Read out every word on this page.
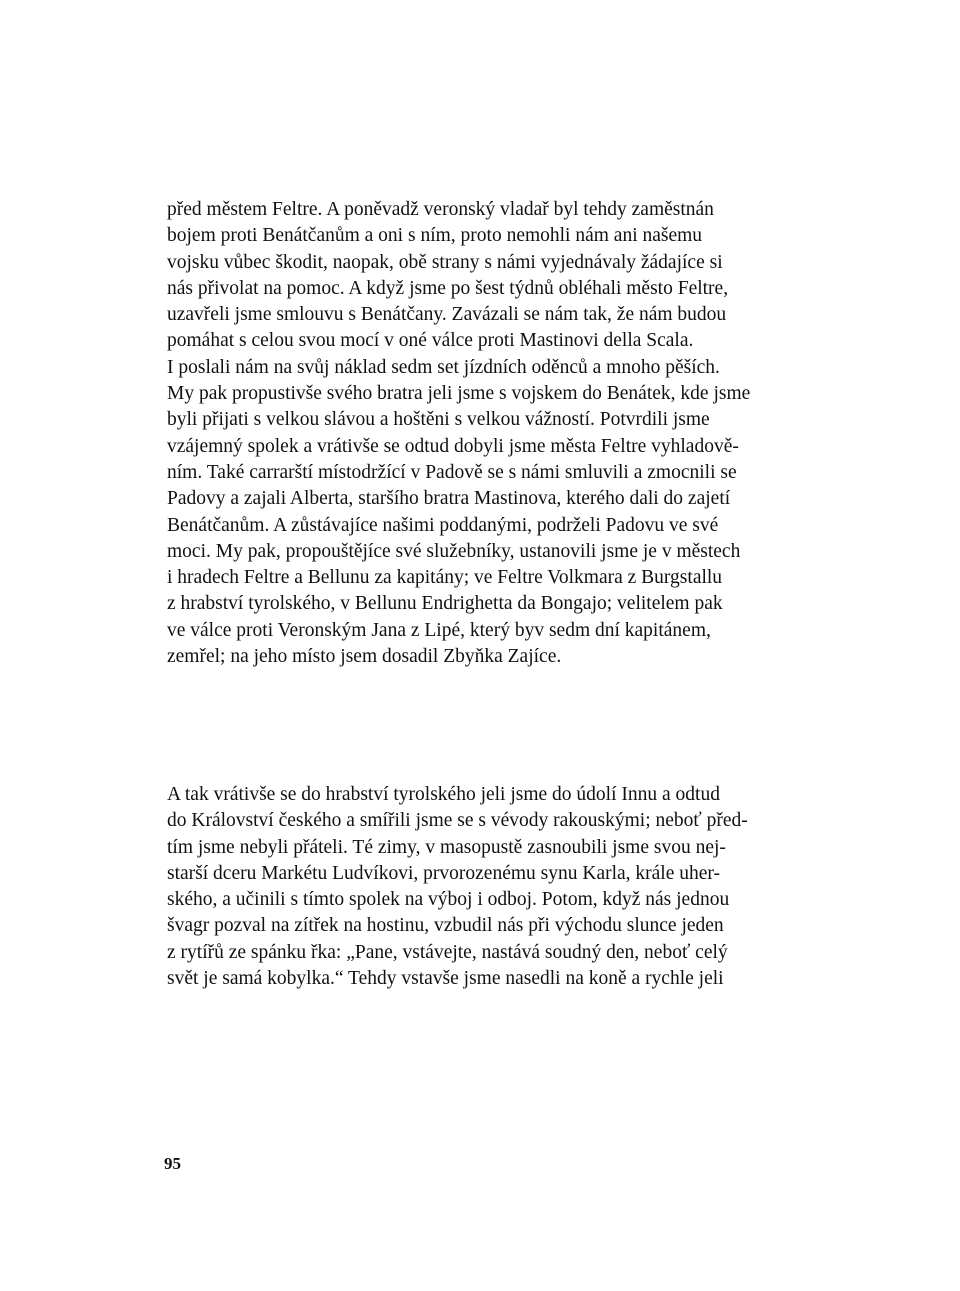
před městem Feltre. A poněvadž veronský vladař byl tehdy zaměstnán
bojem proti Benátčanům a oni s ním, proto nemohli nám ani našemu
vojsku vůbec škodit, naopak, obě strany s námi vyjednávaly žádajíce si
nás přivolat na pomoc. A když jsme po šest týdnů obléhali město Feltre,
uzavřeli jsme smlouvu s Benátčany. Zavázali se nám tak, že nám budou
pomáhat s celou svou mocí v oné válce proti Mastinovi della Scala.
I poslali nám na svůj náklad sedm set jízdních oděnců a mnoho pěších.
My pak propustivše svého bratra jeli jsme s vojskem do Benátek, kde jsme
byli přijati s velkou slávou a hoštěni s velkou vážností. Potvrdili jsme
vzájemný spolek a vrátivše se odtud dobyli jsme města Feltre vyhladově-
ním. Také carrarští místodržící v Padově se s námi smluvili a zmocnili se
Padovy a zajali Alberta, staršího bratra Mastinova, kterého dali do zajetí
Benátčanům. A zůstávajíce našimi poddanými, podrželi Padovu ve své
moci. My pak, propouštějíce své služebníky, ustanovili jsme je v městech
i hradech Feltre a Bellunu za kapitány; ve Feltre Volkmara z Burgstallu
z hrabství tyrolského, v Bellunu Endrighetta da Bongajo; velitelem pak
ve válce proti Veronským Jana z Lipé, který byv sedm dní kapitánem,
zemřel; na jeho místo jsem dosadil Zbyňka Zajíce.

A tak vrátivše se do hrabství tyrolského jeli jsme do údolí Innu a odtud
do Království českého a smířili jsme se s vévody rakouskými; neboť před-
tím jsme nebyli přáteli. Té zimy, v masopustě zasnoubili jsme svou nej-
starší dceru Markétu Ludvíkovi, prvorozenému synu Karla, krále uher-
ského, a učinili s tímto spolek na výboj i odboj. Potom, když nás jednou
švagr pozval na zítřek na hostinu, vzbudil nás při východu slunce jeden
z rytířů ze spánku řka: „Pane, vstávejte, nastává soudný den, neboť celý
svět je samá kobylka.“ Tehdy vstavše jsme nasedli na koně a rychle jeli

95
